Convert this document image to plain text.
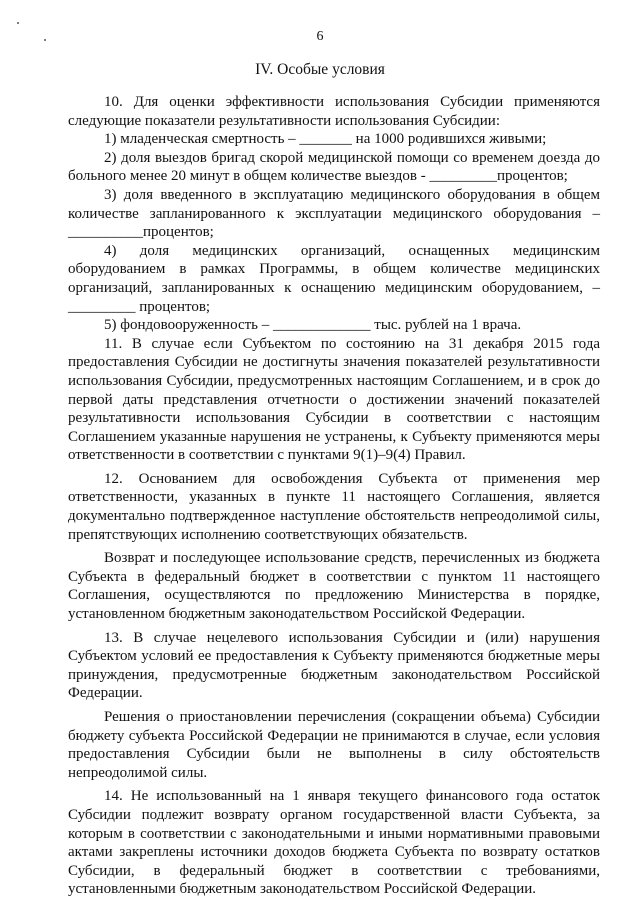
6
IV. Особые условия

10. Для оценки эффективности использования Субсидии применяются следующие показатели результативности использования Субсидии:

1) младенческая смертность – _______ на 1000 родившихся живыми;

2) доля выездов бригад скорой медицинской помощи со временем доезда до больного менее 20 минут в общем количестве выездов - _________процентов;

3) доля введенного в эксплуатацию медицинского оборудования в общем количестве запланированного к эксплуатации медицинского оборудования – __________процентов;

4) доля медицинских организаций, оснащенных медицинским оборудованием в рамках Программы, в общем количестве медицинских организаций, запланированных к оснащению медицинским оборудованием, – _________ процентов;

5) фондовооруженность – _____________ тыс. рублей на 1 врача.

11. В случае если Субъектом по состоянию на 31 декабря 2015 года предоставления Субсидии не достигнуты значения показателей результативности использования Субсидии, предусмотренных настоящим Соглашением, и в срок до первой даты представления отчетности о достижении значений показателей результативности использования Субсидии в соответствии с настоящим Соглашением указанные нарушения не устранены, к Субъекту применяются меры ответственности в соответствии с пунктами 9(1)–9(4) Правил.

12. Основанием для освобождения Субъекта от применения мер ответственности, указанных в пункте 11 настоящего Соглашения, является документально подтвержденное наступление обстоятельств непреодолимой силы, препятствующих исполнению соответствующих обязательств.

Возврат и последующее использование средств, перечисленных из бюджета Субъекта в федеральный бюджет в соответствии с пунктом 11 настоящего Соглашения, осуществляются по предложению Министерства в порядке, установленном бюджетным законодательством Российской Федерации.

13. В случае нецелевого использования Субсидии и (или) нарушения Субъектом условий ее предоставления к Субъекту применяются бюджетные меры принуждения, предусмотренные бюджетным законодательством Российской Федерации.

Решения о приостановлении перечисления (сокращении объема) Субсидии бюджету субъекта Российской Федерации не принимаются в случае, если условия предоставления Субсидии были не выполнены в силу обстоятельств непреодолимой силы.

14. Не использованный на 1 января текущего финансового года остаток Субсидии подлежит возврату органом государственной власти Субъекта, за которым в соответствии с законодательными и иными нормативными правовыми актами закреплены источники доходов бюджета Субъекта по возврату остатков Субсидии, в федеральный бюджет в соответствии с требованиями, установленными бюджетным законодательством Российской Федерации.
